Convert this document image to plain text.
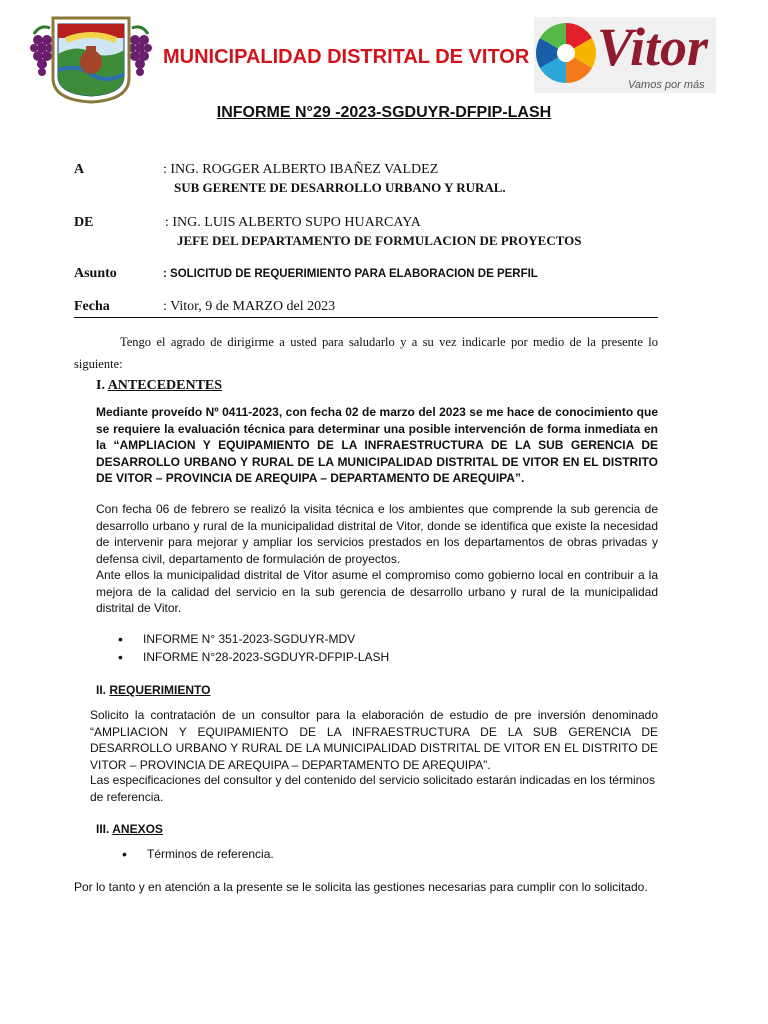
MUNICIPALIDAD DISTRITAL DE VITOR Vitor
Vamos por más
INFORME N°29 -2023-SGDUYR-DFPIP-LASH
A	: ING. ROGGER ALBERTO IBAÑEZ VALDEZ
SUB GERENTE DE DESARROLLO URBANO Y RURAL.
DE	: ING. LUIS ALBERTO SUPO HUARCAYA
JEFE DEL DEPARTAMENTO DE FORMULACION DE PROYECTOS
Asunto	: SOLICITUD DE REQUERIMIENTO PARA ELABORACION DE PERFIL
Fecha	: Vitor, 9 de MARZO del 2023
Tengo el agrado de dirigirme a usted para saludarlo y a su vez indicarle por medio de la presente lo siguiente:
I. ANTECEDENTES
Mediante proveído Nº 0411-2023, con fecha 02 de marzo del 2023 se me hace de conocimiento que se requiere la evaluación técnica para determinar una posible intervención de forma inmediata en la “AMPLIACION Y EQUIPAMIENTO DE LA INFRAESTRUCTURA DE LA SUB GERENCIA DE DESARROLLO URBANO Y RURAL DE LA MUNICIPALIDAD DISTRITAL DE VITOR EN EL DISTRITO DE VITOR – PROVINCIA DE AREQUIPA – DEPARTAMENTO DE AREQUIPA”.
Con fecha 06 de febrero se realizó la visita técnica e los ambientes que comprende la sub gerencia de desarrollo urbano y rural de la municipalidad distrital de Vitor, donde se identifica que existe la necesidad de intervenir para mejorar y ampliar los servicios prestados en los departamentos de obras privadas y defensa civil, departamento de formulación de proyectos.
Ante ellos la municipalidad distrital de Vitor asume el compromiso como gobierno local en contribuir a la mejora de la calidad del servicio en la sub gerencia de desarrollo urbano y rural de la municipalidad distrital de Vitor.
• INFORME N° 351-2023-SGDUYR-MDV
• INFORME N°28-2023-SGDUYR-DFPIP-LASH
II. REQUERIMIENTO
Solicito la contratación de un consultor para la elaboración de estudio de pre inversión denominado “AMPLIACION Y EQUIPAMIENTO DE LA INFRAESTRUCTURA DE LA SUB GERENCIA DE DESARROLLO URBANO Y RURAL DE LA MUNICIPALIDAD DISTRITAL DE VITOR EN EL DISTRITO DE VITOR – PROVINCIA DE AREQUIPA – DEPARTAMENTO DE AREQUIPA”.
Las especificaciones del consultor y del contenido del servicio solicitado estarán indicadas en los términos de referencia.
III. ANEXOS
• Términos de referencia.
Por lo tanto y en atención a la presente se le solicita las gestiones necesarias para cumplir con lo solicitado.
